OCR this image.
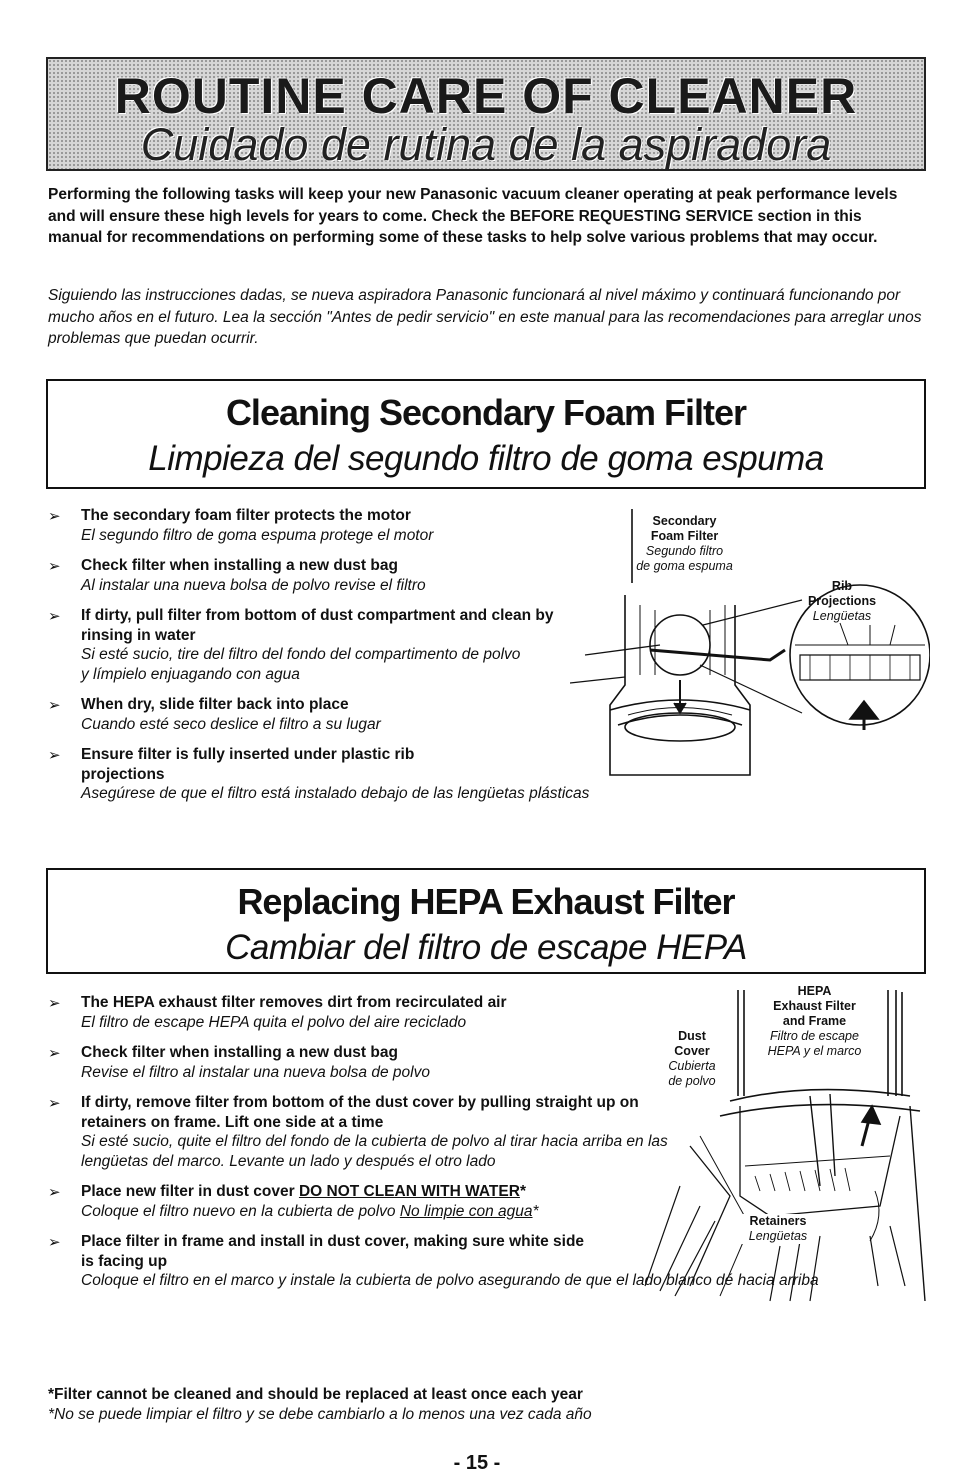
ROUTINE CARE OF CLEANER
Cuidado de rutina de la aspiradora
Performing the following tasks will keep your new Panasonic vacuum cleaner operating at peak performance levels and will ensure these high levels for years to come. Check the BEFORE REQUESTING SERVICE section in this manual for recommendations on performing some of these tasks to help solve various problems that may occur.
Siguiendo las instrucciones dadas, se nueva aspiradora Panasonic funcionará al nivel máximo y continuará funcionando por mucho años en el futuro. Lea la sección "Antes de pedir servicio" en este manual para las recomendaciones para arreglar unos problemas que puedan ocurrir.
Cleaning Secondary Foam Filter
Limpieza del segundo filtro de goma espuma
➢ The secondary foam filter protects the motor
El segundo filtro de goma espuma protege el motor
➢ Check filter when installing a new dust bag
Al instalar una nueva bolsa de polvo revise el filtro
➢ If dirty, pull filter from bottom of dust compartment and clean by rinsing in water
Si esté sucio, tire del filtro del fondo del compartimento de polvo y límpielo enjuagando con agua
➢ When dry, slide filter back into place
Cuando esté seco deslice el filtro a su lugar
➢ Ensure filter is fully inserted under plastic rib projections
Asegúrese de que el filtro está instalado debajo de las lengüetas plásticas
Secondary
Foam Filter
Segundo filtro
de goma espuma
Rib
Projections
Lengüetas
Replacing HEPA Exhaust Filter
Cambiar del filtro de escape HEPA
➢ The HEPA exhaust filter removes dirt from recirculated air
El filtro de escape HEPA quita el polvo del aire reciclado
➢ Check filter when installing a new dust bag
Revise el filtro al instalar una nueva bolsa de polvo
➢ If dirty, remove filter from bottom of the dust cover by pulling straight up on retainers on frame. Lift one side at a time
Si esté sucio, quite el filtro del fondo de la cubierta de polvo al tirar hacia arriba en las lengüetas del marco. Levante un lado y después el otro lado
➢ Place new filter in dust cover DO NOT CLEAN WITH WATER*
Coloque el filtro nuevo en la cubierta de polvo No limpie con agua*
➢ Place filter in frame and install in dust cover, making sure white side is facing up
Coloque el filtro en el marco y instale la cubierta de polvo asegurando de que el lado blanco dé hacia arriba
HEPA
Exhaust Filter
and Frame
Filtro de escape
HEPA y el marco
Dust
Cover
Cubierta
de polvo
Retainers
Lengüetas
*Filter cannot be cleaned and should be replaced at least once each year
*No se puede limpiar el filtro y se debe cambiarlo a lo menos una vez cada año
- 15 -
